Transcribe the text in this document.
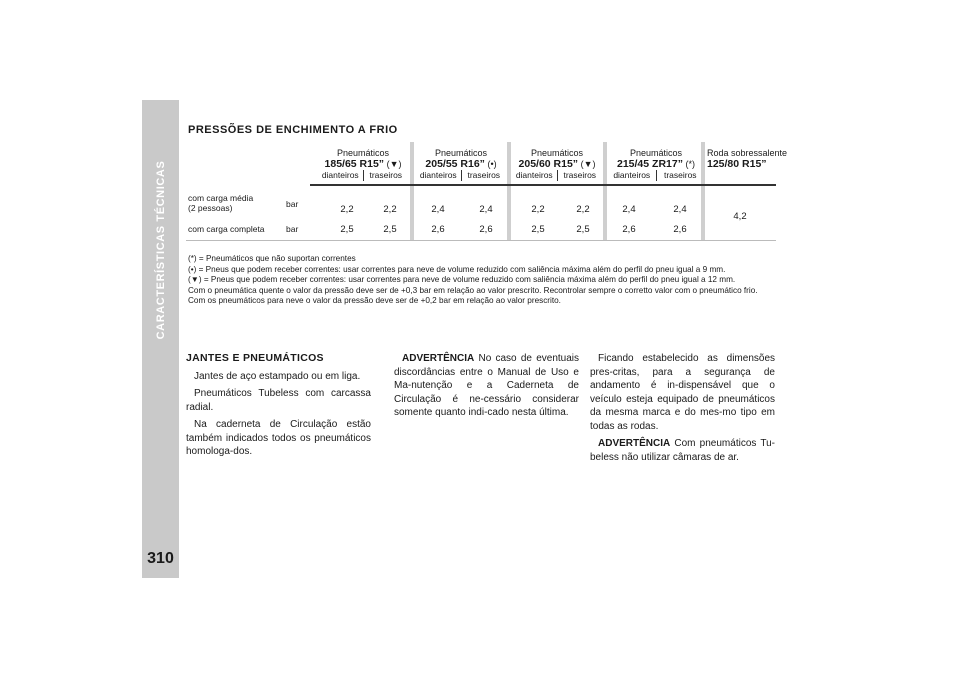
CARACTERÍSTICAS TÉCNICAS
310
PRESSÕES DE ENCHIMENTO A FRIO
Pneumáticos
185/65 R15” (▼)
dianteiros	traseiros
Pneumáticos
205/55 R16” (•)
dianteiros	traseiros
Pneumáticos
205/60 R15” (▼)
dianteiros	traseiros
Pneumáticos
215/45 ZR17” (*)
dianteiros	traseiros
Roda sobressalente
125/80 R15”
com carga média
(2 pessoas)	bar	2,2	2,2	2,4	2,4	2,2	2,2	2,4	2,4
com carga completa	bar	2,5	2,5	2,6	2,6	2,5	2,5	2,6	2,6
4,2
(*) = Pneumáticos que não suportan correntes
(•) = Pneus que podem receber correntes: usar correntes para neve de volume reduzido com saliência máxima além do perfil do pneu igual a 9 mm.
(▼) = Pneus que podem receber correntes: usar correntes para neve de volume reduzido com saliência máxima além do perfil do pneu igual a 12 mm.
Com o pneumática quente o valor da pressão deve ser de +0,3 bar em relação ao valor prescrito. Recontrolar sempre o corretto valor com o pneumático frio.
Com os pneumáticos para neve o valor da pressão deve ser de +0,2 bar em relação ao valor prescrito.
JANTES E PNEUMÁTICOS

Jantes de aço estampado ou em liga.

Pneumáticos Tubeless com carcassa radial.

Na caderneta de Circulação estão também indicados todos os pneumáticos homologa-dos.

ADVERTÊNCIA No caso de eventuais discordâncias entre o Manual de Uso e Ma-nutenção e a Caderneta de Circulação é ne-cessário considerar somente quanto indi-cado nesta última.

Ficando estabelecido as dimensões pres-critas, para a segurança de andamento é in-dispensável que o veículo esteja equipado de pneumáticos da mesma marca e do mes-mo tipo em todas as rodas.

ADVERTÊNCIA Com pneumáticos Tu-beless não utilizar câmaras de ar.
